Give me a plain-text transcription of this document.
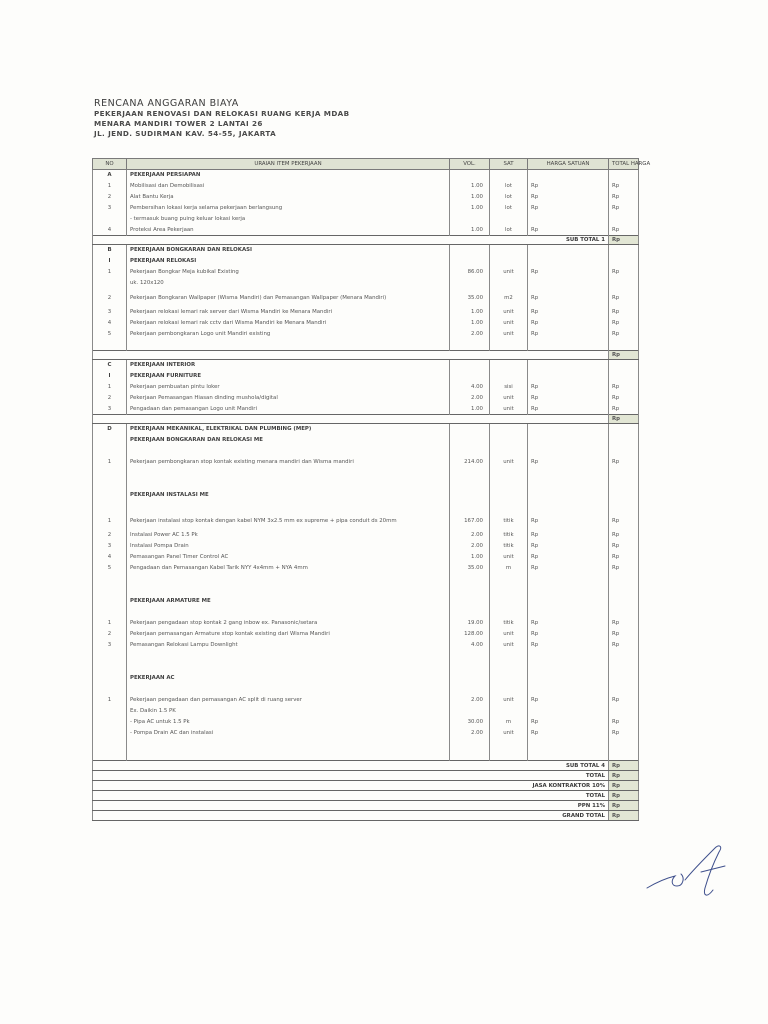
RENCANA ANGGARAN BIAYA
PEKERJAAN RENOVASI DAN RELOKASI RUANG KERJA MDAB
MENARA MANDIRI TOWER 2 LANTAI 26
JL. JEND. SUDIRMAN KAV. 54-55, JAKARTA
NO	URAIAN ITEM PEKERJAAN	VOL.	SAT	HARGA SATUAN	TOTAL HARGA
A	PEKERJAAN PERSIAPAN				
1	Mobilisasi dan Demobilisasi	1.00	lot	Rp	Rp
2	Alat Bantu Kerja	1.00	lot	Rp	Rp
3	Pembersihan lokasi kerja selama pekerjaan berlangsung	1.00	lot	Rp	Rp
	- termasuk buang puing keluar lokasi kerja				
4	Proteksi Area Pekerjaan	1.00	lot	Rp	Rp
SUB TOTAL 1					Rp
B	PEKERJAAN BONGKARAN DAN RELOKASI				
I	PEKERJAAN RELOKASI				
1	Pekerjaan Bongkar Meja kubikal Existing	86.00	unit	Rp	Rp
	uk. 120x120				
2	Pekerjaan Bongkaran Wallpaper (Wisma Mandiri) dan Pemasangan Wallpaper (Menara Mandiri)	35.00	m2	Rp	Rp
3	Pekerjaan relokasi lemari rak server dari Wisma Mandiri ke Menara Mandiri	1.00	unit	Rp	Rp
4	Pekerjaan relokasi lemari rak cctv dari Wisma Mandiri ke Menara Mandiri	1.00	unit	Rp	Rp
5	Pekerjaan pembongkaran Logo unit Mandiri existing	2.00	unit	Rp	Rp

					Rp
C	PEKERJAAN INTERIOR				
I	PEKERJAAN FURNITURE				
1	Pekerjaan pembuatan pintu loker	4.00	sisi	Rp	Rp
2	Pekerjaan Pemasangan Hiasan dinding mushola/digital	2.00	unit	Rp	Rp
3	Pengadaan dan pemasangan Logo unit Mandiri	1.00	unit	Rp	Rp
					Rp
D	PEKERJAAN MEKANIKAL, ELEKTRIKAL DAN PLUMBING (MEP)				
	PEKERJAAN BONGKARAN DAN RELOKASI ME				

1	Pekerjaan pembongkaran stop kontak existing menara mandiri dan Wisma mandiri	214.00	unit	Rp	Rp

	PEKERJAAN INSTALASI ME				

1	Pekerjaan instalasi stop kontak dengan kabel NYM 3x2.5 mm ex supreme + pipa conduit ds 20mm	167.00	titik	Rp	Rp
2	Instalasi Power AC 1.5 Pk	2.00	titik	Rp	Rp
3	Instalasi Pompa Drain	2.00	titik	Rp	Rp
4	Pemasangan Panel Timer Control AC	1.00	unit	Rp	Rp
5	Pengadaan dan Pemasangan Kabel Tarik NYY 4x4mm + NYA 4mm	35.00	m	Rp	Rp

	PEKERJAAN ARMATURE ME				

1	Pekerjaan pengadaan stop kontak 2 gang inbow ex. Panasonic/setara	19.00	titik	Rp	Rp
2	Pekerjaan pemasangan Armature stop kontak existing dari Wisma Mandiri	128.00	unit	Rp	Rp
3	Pemasangan Relokasi Lampu Downlight	4.00	unit	Rp	Rp

	PEKERJAAN AC				

1	Pekerjaan pengadaan dan pemasangan AC split di ruang server	2.00	unit	Rp	Rp
	Ex. Daikin 1.5 PK				
	- Pipa AC untuk 1.5 Pk	30.00	m	Rp	Rp
	- Pompa Drain AC dan instalasi	2.00	unit	Rp	Rp

SUB TOTAL 4					Rp
TOTAL					Rp
JASA KONTRAKTOR 10%					Rp
TOTAL					Rp
PPN 11%					Rp
GRAND TOTAL					Rp
